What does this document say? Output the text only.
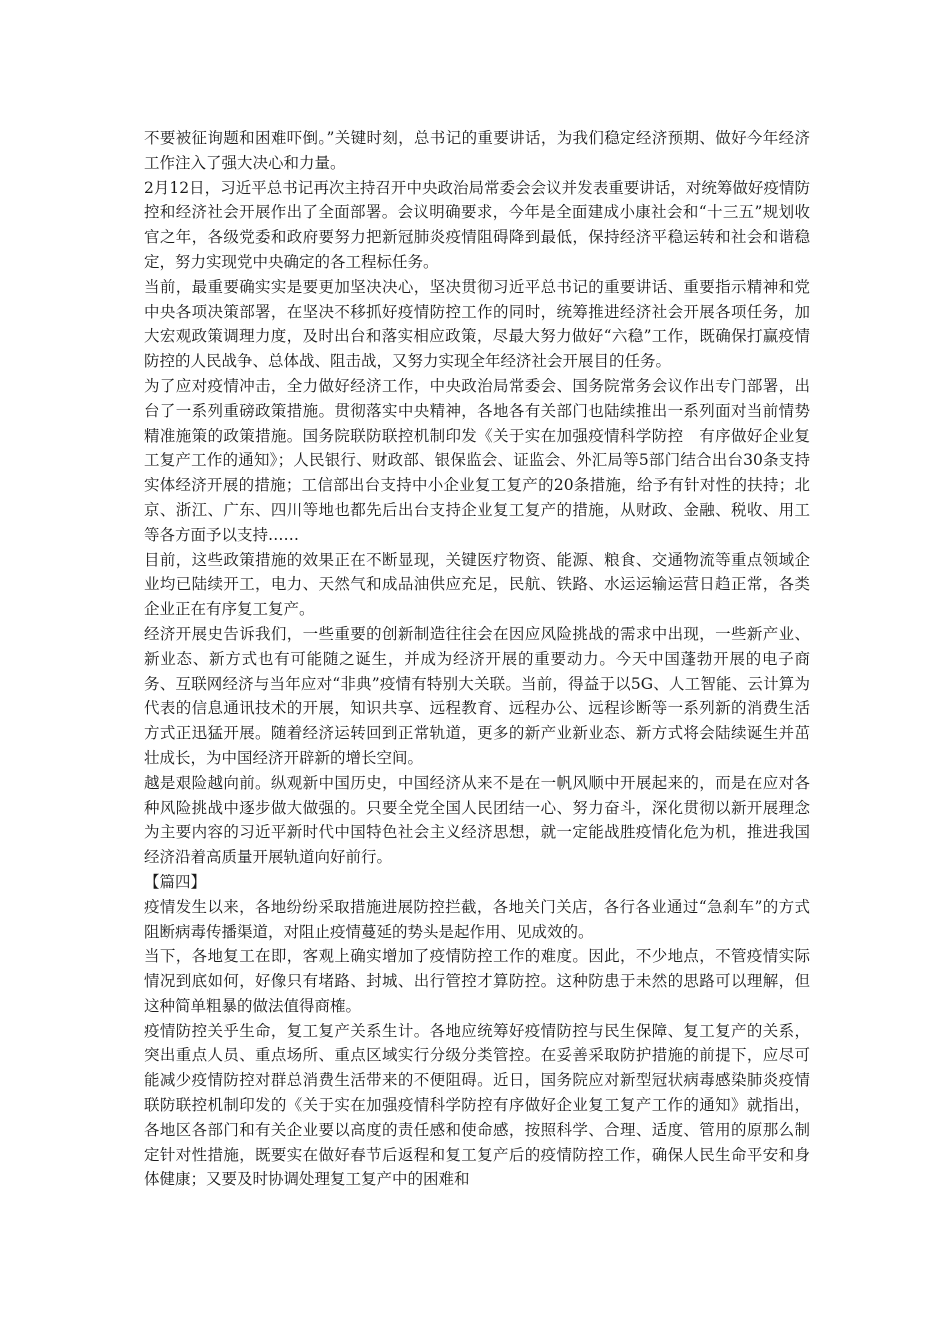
不要被征询题和困难吓倒。”关键时刻，总书记的重要讲话，为我们稳定经济预期、做好今年经济工作注入了强大决心和力量。

2月12日，习近平总书记再次主持召开中央政治局常委会会议并发表重要讲话，对统筹做好疫情防控和经济社会开展作出了全面部署。会议明确要求，今年是全面建成小康社会和“十三五”规划收官之年，各级党委和政府要努力把新冠肺炎疫情阻碍降到最低，保持经济平稳运转和社会和谐稳定，努力实现党中央确定的各工程标任务。

当前，最重要确实实是要更加坚决决心，坚决贯彻习近平总书记的重要讲话、重要指示精神和党中央各项决策部署，在坚决不移抓好疫情防控工作的同时，统筹推进经济社会开展各项任务，加大宏观政策调理力度，及时出台和落实相应政策，尽最大努力做好“六稳”工作，既确保打赢疫情防控的人民战争、总体战、阻击战，又努力实现全年经济社会开展目的任务。

为了应对疫情冲击，全力做好经济工作，中央政治局常委会、国务院常务会议作出专门部署，出台了一系列重磅政策措施。贯彻落实中央精神，各地各有关部门也陆续推出一系列面对当前情势精准施策的政策措施。国务院联防联控机制印发《关于实在加强疫情科学防控　有序做好企业复工复产工作的通知》；人民银行、财政部、银保监会、证监会、外汇局等5部门结合出台30条支持实体经济开展的措施；工信部出台支持中小企业复工复产的20条措施，给予有针对性的扶持；北京、浙江、广东、四川等地也都先后出台支持企业复工复产的措施，从财政、金融、税收、用工等各方面予以支持……

目前，这些政策措施的效果正在不断显现，关键医疗物资、能源、粮食、交通物流等重点领域企业均已陆续开工，电力、天然气和成品油供应充足，民航、铁路、水运运输运营日趋正常，各类企业正在有序复工复产。

经济开展史告诉我们，一些重要的创新制造往往会在因应风险挑战的需求中出现，一些新产业、新业态、新方式也有可能随之诞生，并成为经济开展的重要动力。今天中国蓬勃开展的电子商务、互联网经济与当年应对“非典”疫情有特别大关联。当前，得益于以5G、人工智能、云计算为代表的信息通讯技术的开展，知识共享、远程教育、远程办公、远程诊断等一系列新的消费生活方式正迅猛开展。随着经济运转回到正常轨道，更多的新产业新业态、新方式将会陆续诞生并茁壮成长，为中国经济开辟新的增长空间。

越是艰险越向前。纵观新中国历史，中国经济从来不是在一帆风顺中开展起来的，而是在应对各种风险挑战中逐步做大做强的。只要全党全国人民团结一心、努力奋斗，深化贯彻以新开展理念为主要内容的习近平新时代中国特色社会主义经济思想，就一定能战胜疫情化危为机，推进我国经济沿着高质量开展轨道向好前行。

【篇四】

疫情发生以来，各地纷纷采取措施进展防控拦截，各地关门关店，各行各业通过“急刹车”的方式阻断病毒传播渠道，对阻止疫情蔓延的势头是起作用、见成效的。

当下，各地复工在即，客观上确实增加了疫情防控工作的难度。因此，不少地点，不管疫情实际情况到底如何，好像只有堵路、封城、出行管控才算防控。这种防患于未然的思路可以理解，但这种简单粗暴的做法值得商榷。

疫情防控关乎生命，复工复产关系生计。各地应统筹好疫情防控与民生保障、复工复产的关系，突出重点人员、重点场所、重点区域实行分级分类管控。在妥善采取防护措施的前提下，应尽可能减少疫情防控对群总消费生活带来的不便阻碍。近日，国务院应对新型冠状病毒感染肺炎疫情联防联控机制印发的《关于实在加强疫情科学防控有序做好企业复工复产工作的通知》就指出，各地区各部门和有关企业要以高度的责任感和使命感，按照科学、合理、适度、管用的原那么制定针对性措施，既要实在做好春节后返程和复工复产后的疫情防控工作，确保人民生命平安和身体健康；又要及时协调处理复工复产中的困难和
